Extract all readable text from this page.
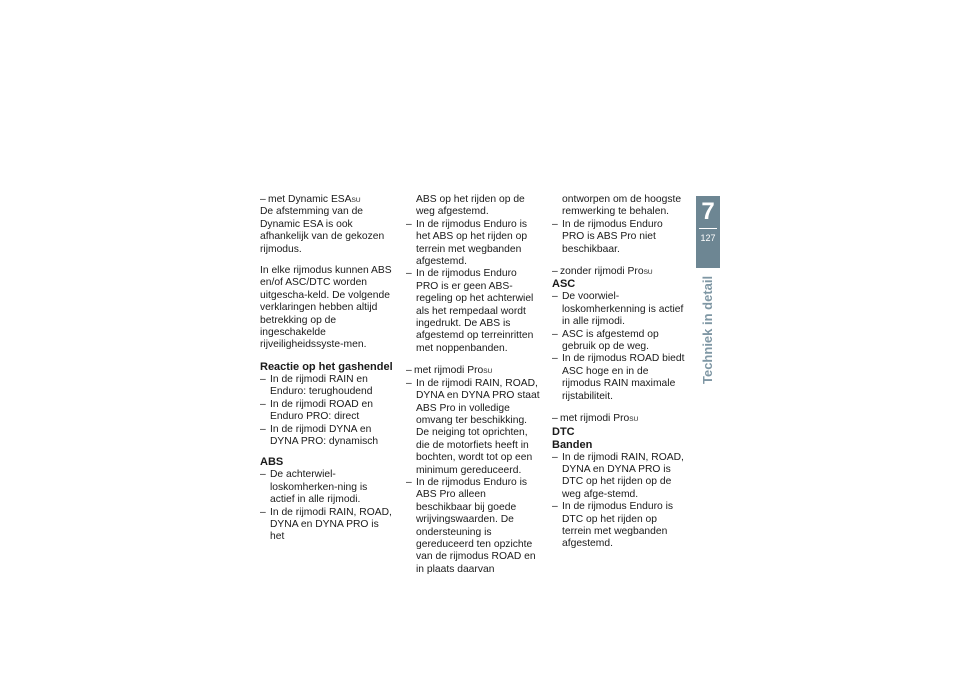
– met Dynamic ESA SU

De afstemming van de Dynamic ESA is ook afhankelijk van de gekozen rijmodus.

In elke rijmodus kunnen ABS en/of ASC/DTC worden uitgescha-keld. De volgende verklaringen hebben altijd betrekking op de ingeschakelde rijveiligheidssyste-men.

Reactie op het gashendel
– In de rijmodi RAIN en Enduro: terughoudend
– In de rijmodi ROAD en Enduro PRO: direct
– In de rijmodi DYNA en DYNA PRO: dynamisch
ABS
– De achterwiel-loskomherken-ning is actief in alle rijmodi.
– In de rijmodi RAIN, ROAD, DYNA en DYNA PRO is het
ABS op het rijden op de weg afgestemd.
– In de rijmodus Enduro is het ABS op het rijden op terrein met wegbanden afgestemd.
– In de rijmodus Enduro PRO is er geen ABS-regeling op het achterwiel als het rempedaal wordt ingedrukt. De ABS is afgestemd op terreinritten met noppenbanden.
– met rijmodi Pro SU
– In de rijmodi RAIN, ROAD, DYNA en DYNA PRO staat ABS Pro in volledige omvang ter beschikking. De neiging tot oprichten, die de motorfiets heeft in bochten, wordt tot op een minimum gereduceerd.
– In de rijmodus Enduro is ABS Pro alleen beschikbaar bij goede wrijvingswaarden. De ondersteuning is gereduceerd ten opzichte van de rijmodus ROAD en in plaats daarvan
ontworpen om de hoogste remwerking te behalen.
– In de rijmodus Enduro PRO is ABS Pro niet beschikbaar.
– zonder rijmodi Pro SU
ASC
– De voorwiel-loskomherkenning is actief in alle rijmodi.
– ASC is afgestemd op gebruik op de weg.
– In de rijmodus ROAD biedt ASC hoge en in de rijmodus RAIN maximale rijstabiliteit.
– met rijmodi Pro SU
DTC
Banden
– In de rijmodi RAIN, ROAD, DYNA en DYNA PRO is DTC op het rijden op de weg afge-stemd.
– In de rijmodus Enduro is DTC op het rijden op terrein met wegbanden afgestemd.
7
127
Techniek in detail
